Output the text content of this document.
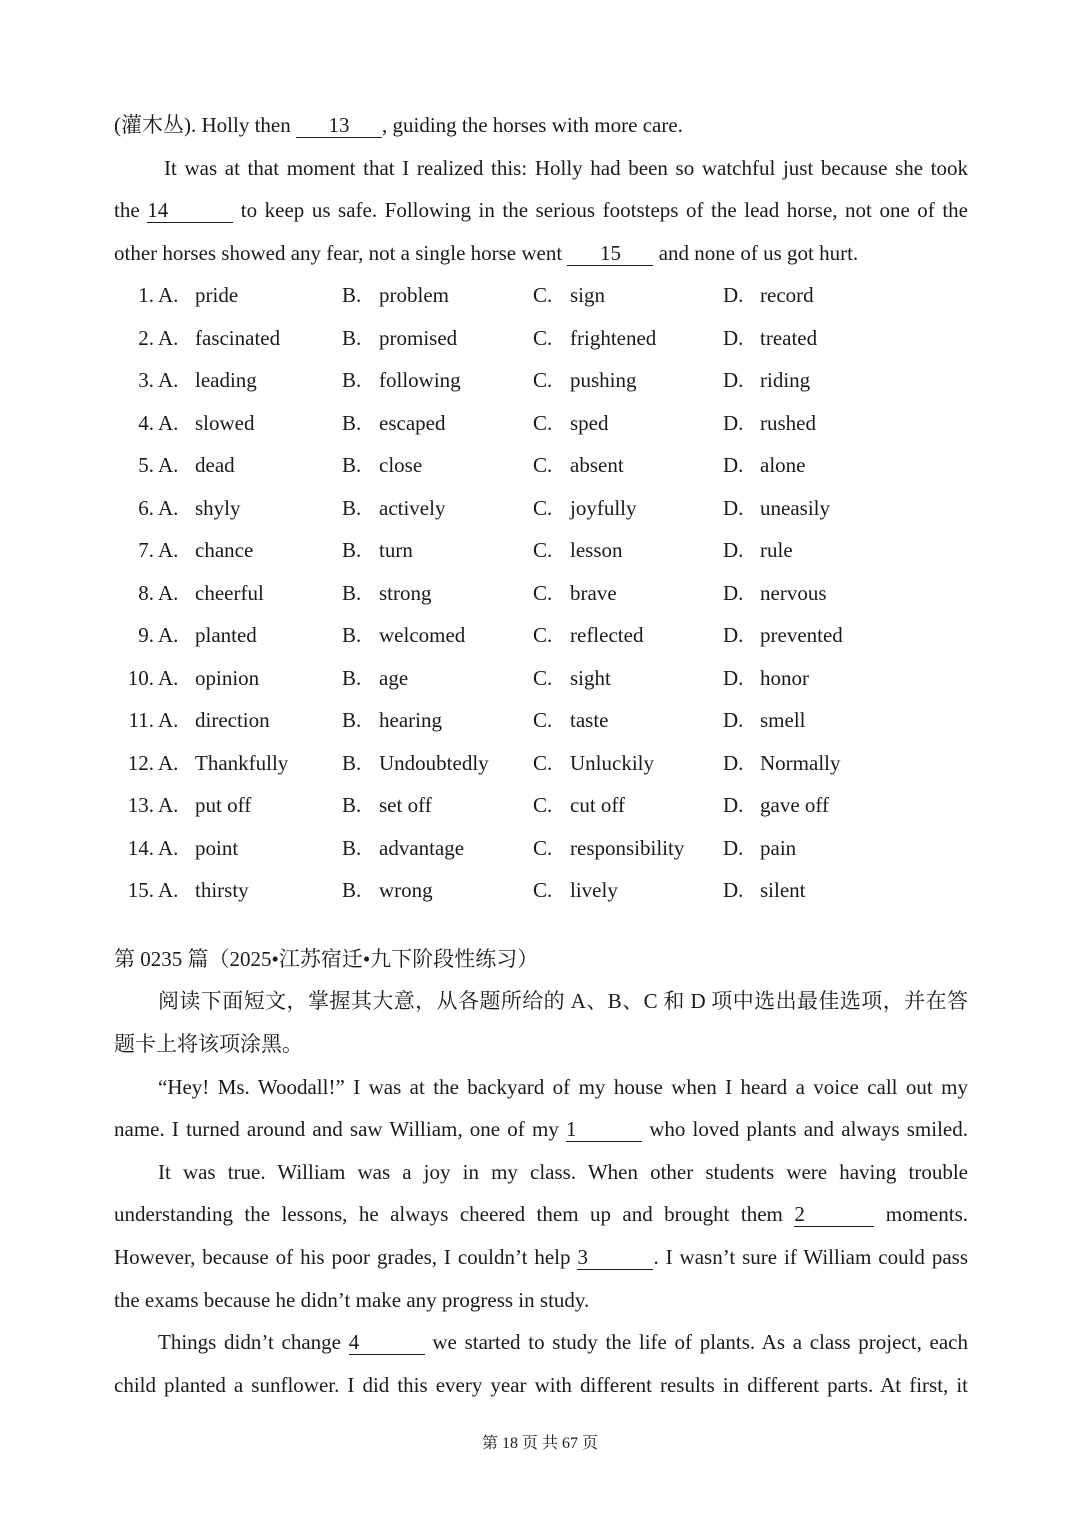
(灌木丛). Holly then 13 , guiding the horses with more care.
It was at that moment that I realized this: Holly had been so watchful just because she took
the 14	to keep us safe. Following in the serious footsteps of the lead horse, not one of the
other horses showed any fear, not a single horse went 15 and none of us got hurt.
1. A. pride	B. problem	C. sign	D. record
2. A. fascinated	B. promised	C. frightened	D. treated
3. A. leading	B. following	C. pushing	D. riding
4. A. slowed	B. escaped	C. sped	D. rushed
5. A. dead	B. close	C. absent	D. alone
6. A. shyly	B. actively	C. joyfully	D. uneasily
7. A. chance	B. turn	C. lesson	D. rule
8. A. cheerful	B. strong	C. brave	D. nervous
9. A. planted	B. welcomed	C. reflected	D. prevented
10. A. opinion	B. age	C. sight	D. honor
11. A. direction	B. hearing	C. taste	D. smell
12. A. Thankfully	B. Undoubtedly C. Unluckily	D. Normally
13. A. put off	B. set off	C. cut off	D. gave off
14. A. point	B. advantage	C. responsibility D. pain
15. A. thirsty	B. wrong	C. lively	D. silent
第 0235 篇（2025•江苏宿迁•九下阶段性练习）
阅读下面短文，掌握其大意，从各题所给的 A、B、C 和 D 项中选出最佳选项，并在答
题卡上将该项涂黑。
“Hey! Ms. Woodall!” I was at the backyard of my house when I heard a voice call out my
name. I turned around and saw William, one of my 1	who loved plants and always smiled.
It was true. William was a joy in my class. When other students were having trouble
understanding the lessons, he always cheered them up and brought them 2	moments.
However, because of his poor grades, I couldn’t help 3	. I wasn’t sure if William could pass
the exams because he didn’t make any progress in study.
Things didn’t change 4	we started to study the life of plants. As a class project, each
child planted a sunflower. I did this every year with different results in different parts. At first, it
第 18 页 共 67 页
